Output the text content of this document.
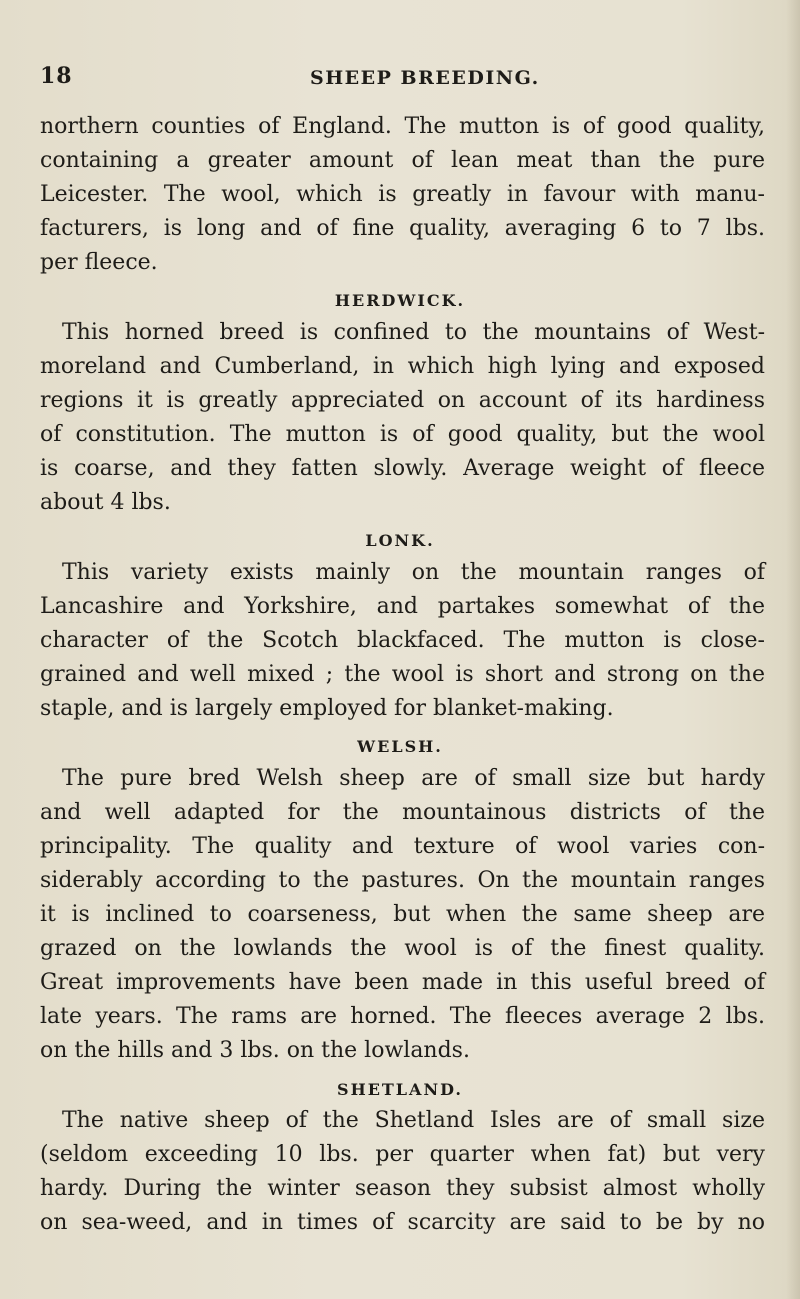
18	SHEEP BREEDING.
northern counties of England. The mutton is of good quality,
containing a greater amount of lean meat than the pure
Leicester. The wool, which is greatly in favour with manu-
facturers, is long and of fine quality, averaging 6 to 7 lbs.
per fleece.
HERDWICK.
This horned breed is confined to the mountains of West-
moreland and Cumberland, in which high lying and exposed
regions it is greatly appreciated on account of its hardiness
of constitution. The mutton is of good quality, but the wool
is coarse, and they fatten slowly. Average weight of fleece
about 4 lbs.
LONK.
This variety exists mainly on the mountain ranges of
Lancashire and Yorkshire, and partakes somewhat of the
character of the Scotch blackfaced. The mutton is close-
grained and well mixed ; the wool is short and strong on the
staple, and is largely employed for blanket-making.
WELSH.
The pure bred Welsh sheep are of small size but hardy
and well adapted for the mountainous districts of the
principality. The quality and texture of wool varies con-
siderably according to the pastures. On the mountain ranges
it is inclined to coarseness, but when the same sheep are
grazed on the lowlands the wool is of the finest quality.
Great improvements have been made in this useful breed of
late years. The rams are horned. The fleeces average 2 lbs.
on the hills and 3 lbs. on the lowlands.
SHETLAND.
The native sheep of the Shetland Isles are of small size
(seldom exceeding 10 lbs. per quarter when fat) but very
hardy. During the winter season they subsist almost wholly
on sea-weed, and in times of scarcity are said to be by no
